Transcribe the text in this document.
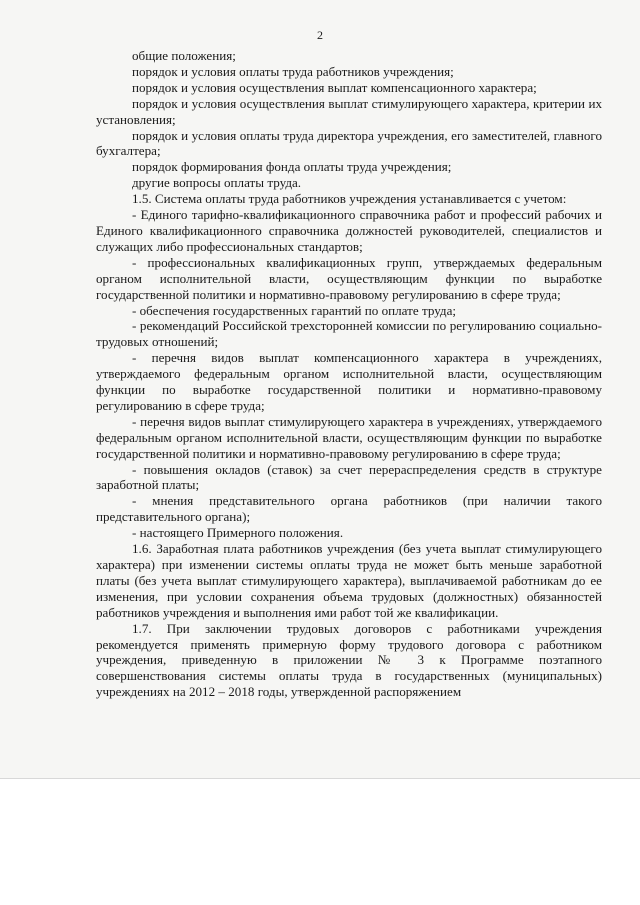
2

общие положения;

порядок и условия оплаты труда работников учреждения;

порядок и условия осуществления выплат компенсационного характера;

порядок и условия осуществления выплат стимулирующего характера, критерии их установления;

порядок и условия оплаты труда директора учреждения, его заместителей, главного бухгалтера;

порядок формирования фонда оплаты труда учреждения;

другие вопросы оплаты труда.

1.5. Система оплаты труда работников учреждения устанавливается с учетом:

- Единого тарифно-квалификационного справочника работ и профессий рабочих и Единого квалификационного справочника должностей руководителей, специалистов и служащих либо профессиональных стандартов;

- профессиональных квалификационных групп, утверждаемых федеральным органом исполнительной власти, осуществляющим функции по выработке государственной политики и нормативно-правовому регулированию в сфере труда;

- обеспечения государственных гарантий по оплате труда;

- рекомендаций Российской трехсторонней комиссии по регулированию социально-трудовых отношений;

- перечня видов выплат компенсационного характера в учреждениях, утверждаемого федеральным органом исполнительной власти, осуществляющим функции по выработке государственной политики и нормативно-правовому регулированию в сфере труда;

- перечня видов выплат стимулирующего характера в учреждениях, утверждаемого федеральным органом исполнительной власти, осуществляющим функции по выработке государственной политики и нормативно-правовому регулированию в сфере труда;

- повышения окладов (ставок) за счет перераспределения средств в структуре заработной платы;

- мнения представительного органа работников (при наличии такого представительного органа);

- настоящего Примерного положения.

1.6. Заработная плата работников учреждения (без учета выплат стимулирующего характера) при изменении системы оплаты труда не может быть меньше заработной платы (без учета выплат стимулирующего характера), выплачиваемой работникам до ее изменения, при условии сохранения объема трудовых (должностных) обязанностей работников учреждения и выполнения ими работ той же квалификации.

1.7. При заключении трудовых договоров с работниками учреждения рекомендуется применять примерную форму трудового договора с работником учреждения, приведенную в приложении № 3 к Программе поэтапного совершенствования системы оплаты труда в государственных (муниципальных) учреждениях на 2012 – 2018 годы, утвержденной распоряжением
